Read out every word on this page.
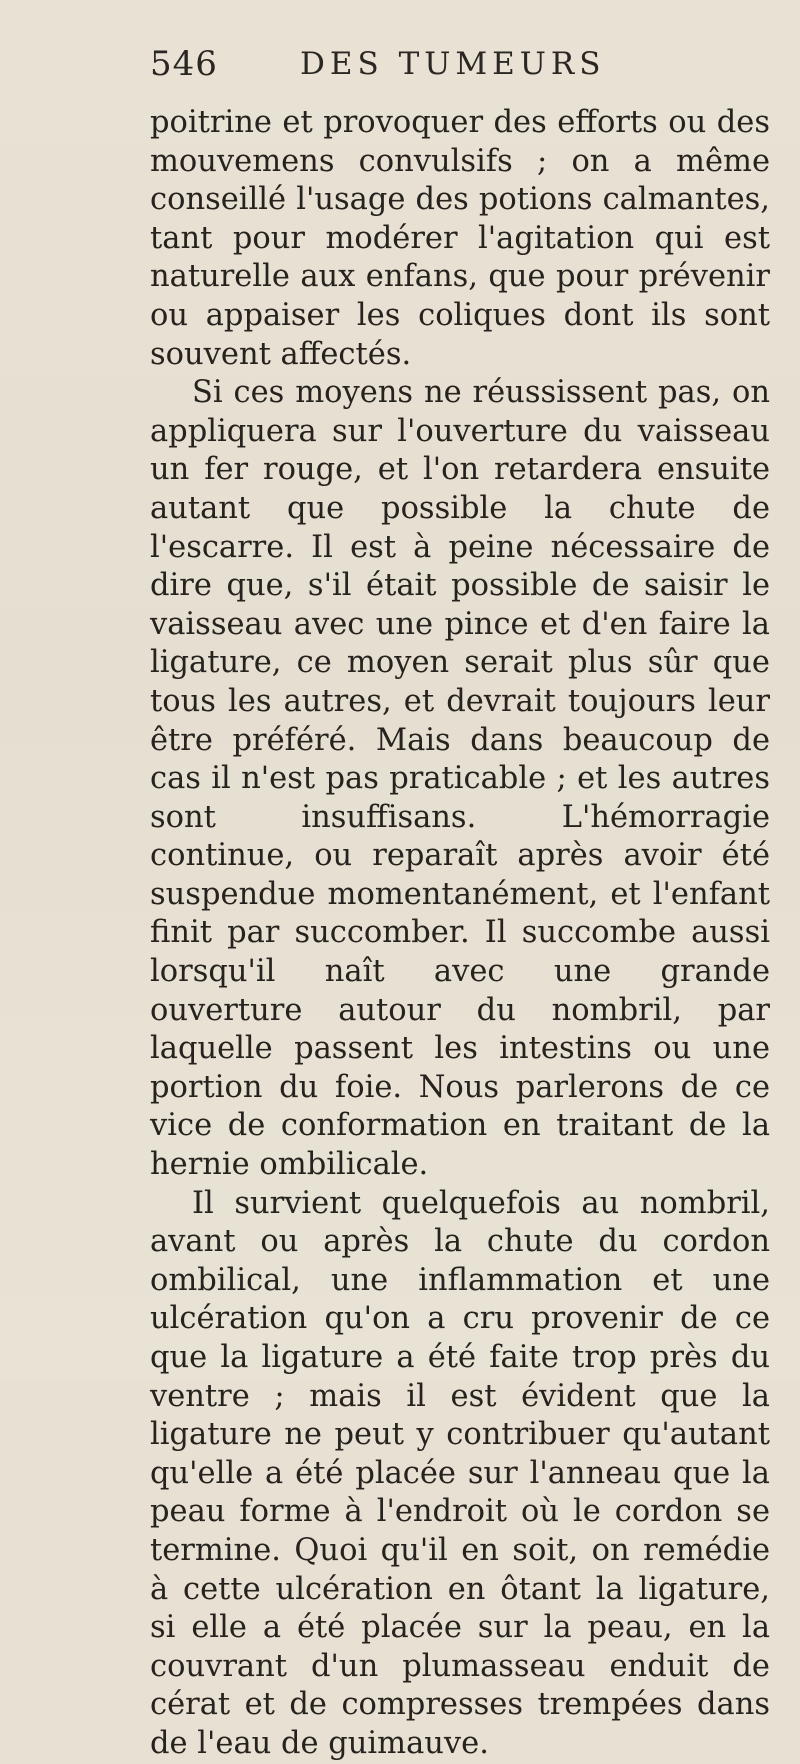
546	DES TUMEURS

poitrine et provoquer des efforts ou des mouvemens convulsifs ; on a même conseillé l'usage des potions calmantes, tant pour modérer l'agitation qui est naturelle aux enfans, que pour prévenir ou appaiser les coliques dont ils sont souvent affectés.

Si ces moyens ne réussissent pas, on appliquera sur l'ouverture du vaisseau un fer rouge, et l'on retardera ensuite autant que possible la chute de l'escarre. Il est à peine nécessaire de dire que, s'il était possible de saisir le vaisseau avec une pince et d'en faire la ligature, ce moyen serait plus sûr que tous les autres, et devrait toujours leur être préféré. Mais dans beaucoup de cas il n'est pas praticable ; et les autres sont insuffisans. L'hémorragie continue, ou reparaît après avoir été suspendue momentanément, et l'enfant finit par succomber. Il succombe aussi lorsqu'il naît avec une grande ouverture autour du nombril, par laquelle passent les intestins ou une portion du foie. Nous parlerons de ce vice de conformation en traitant de la hernie ombilicale.

Il survient quelquefois au nombril, avant ou après la chute du cordon ombilical, une inflammation et une ulcération qu'on a cru provenir de ce que la ligature a été faite trop près du ventre ; mais il est évident que la ligature ne peut y contribuer qu'autant qu'elle a été placée sur l'anneau que la peau forme à l'endroit où le cordon se termine. Quoi qu'il en soit, on remédie à cette ulcération en ôtant la ligature, si elle a été placée sur la peau, en la couvrant d'un plumasseau enduit de cérat et de compresses trempées dans de l'eau de guimauve.
